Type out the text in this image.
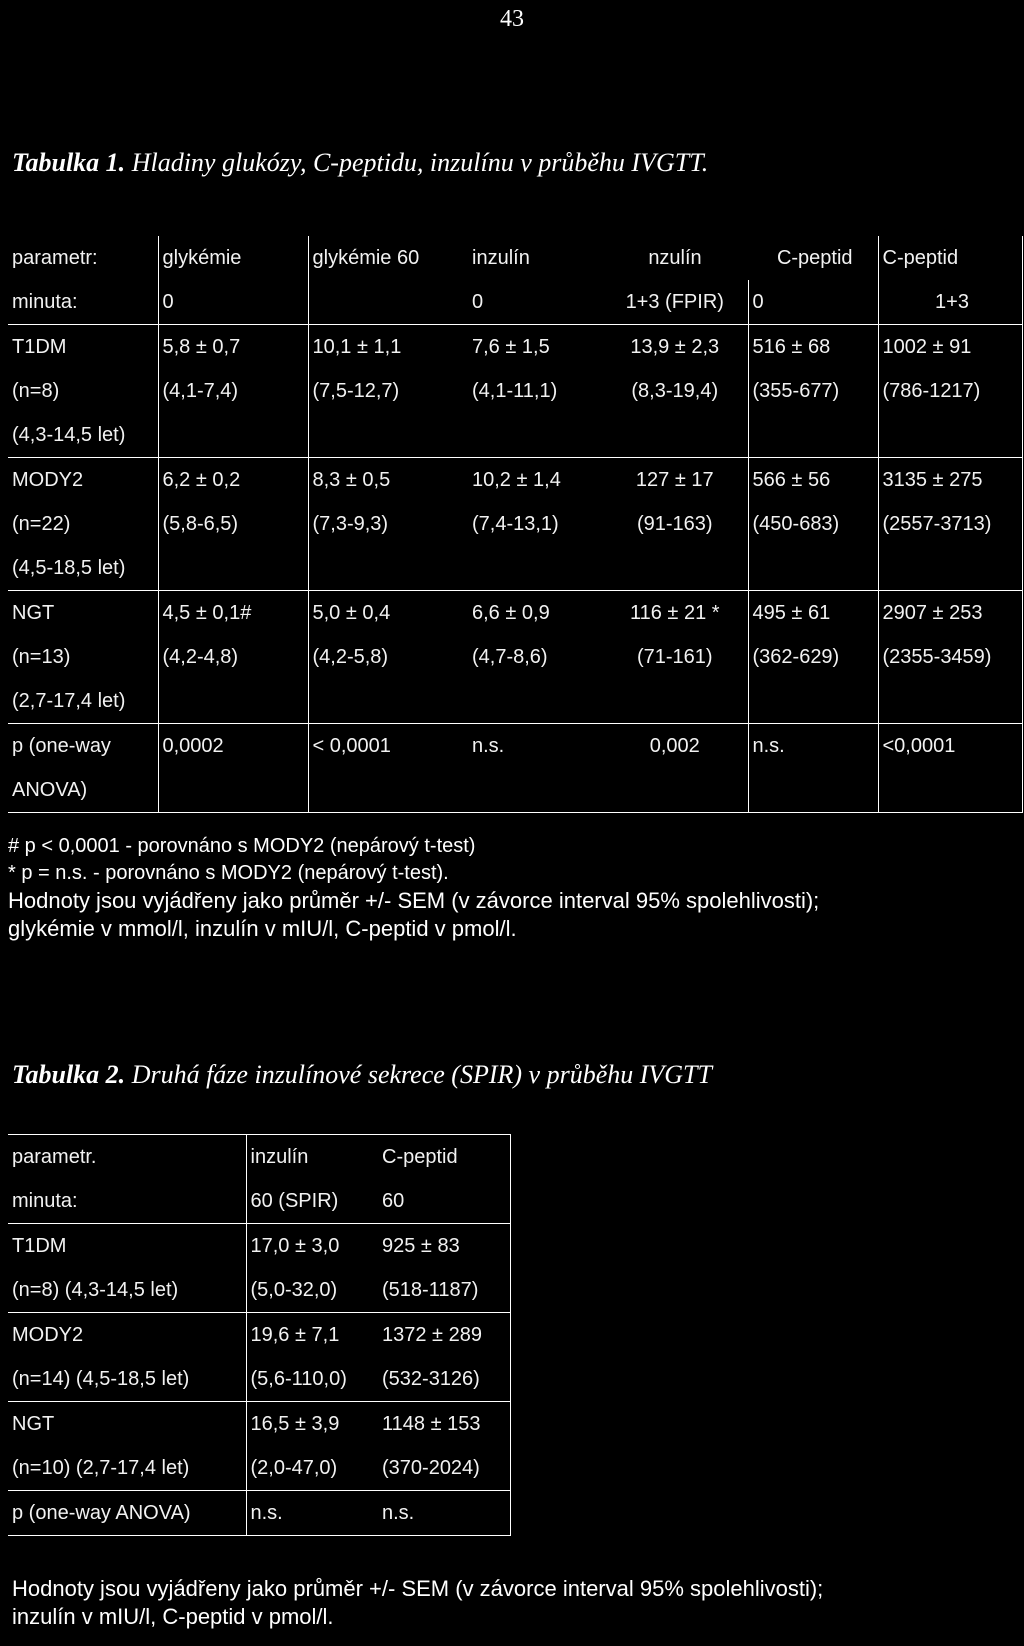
43
Tabulka 1. Hladiny glukózy, C-peptidu, inzulínu v průběhu IVGTT.
parametr:	glykémie	glykémie 60	inzulín	nzulín	C-peptid	C-peptid
minuta:	0		0	1+3 (FPIR)	0	1+3
T1DM	5,8 ± 0,7	10,1 ± 1,1	7,6 ± 1,5	13,9 ± 2,3	516 ± 68	1002 ± 91
(n=8)	(4,1-7,4)	(7,5-12,7)	(4,1-11,1)	(8,3-19,4)	(355-677)	(786-1217)
(4,3-14,5 let)						
MODY2	6,2 ± 0,2	8,3 ± 0,5	10,2 ± 1,4	127 ± 17	566 ± 56	3135 ± 275
(n=22)	(5,8-6,5)	(7,3-9,3)	(7,4-13,1)	(91-163)	(450-683)	(2557-3713)
(4,5-18,5 let)						
NGT	4,5 ± 0,1#	5,0 ± 0,4	6,6 ± 0,9	116 ± 21 *	495 ± 61	2907 ± 253
(n=13)	(4,2-4,8)	(4,2-5,8)	(4,7-8,6)	(71-161)	(362-629)	(2355-3459)
(2,7-17,4 let)						
p (one-way	0,0002	< 0,0001	n.s.	0,002	n.s.	<0,0001
ANOVA)						
# p < 0,0001 - porovnáno s MODY2 (nepárový t-test)
* p = n.s. - porovnáno s MODY2 (nepárový t-test).
Hodnoty jsou vyjádřeny jako průměr +/- SEM (v závorce interval 95% spolehlivosti);
glykémie v mmol/l, inzulín v mIU/l, C-peptid v pmol/l.
Tabulka 2. Druhá fáze inzulínové sekrece (SPIR) v průběhu IVGTT
parametr.	inzulín	C-peptid
minuta:	60 (SPIR)	60
T1DM	17,0 ± 3,0	925 ± 83
(n=8) (4,3-14,5 let)	(5,0-32,0)	(518-1187)
MODY2	19,6 ± 7,1	1372 ± 289
(n=14) (4,5-18,5 let)	(5,6-110,0)	(532-3126)
NGT	16,5 ± 3,9	1148 ± 153
(n=10) (2,7-17,4 let)	(2,0-47,0)	(370-2024)
p (one-way ANOVA)	n.s.	n.s.
Hodnoty jsou vyjádřeny jako průměr +/- SEM (v závorce interval 95% spolehlivosti);
inzulín v mIU/l, C-peptid v pmol/l.
